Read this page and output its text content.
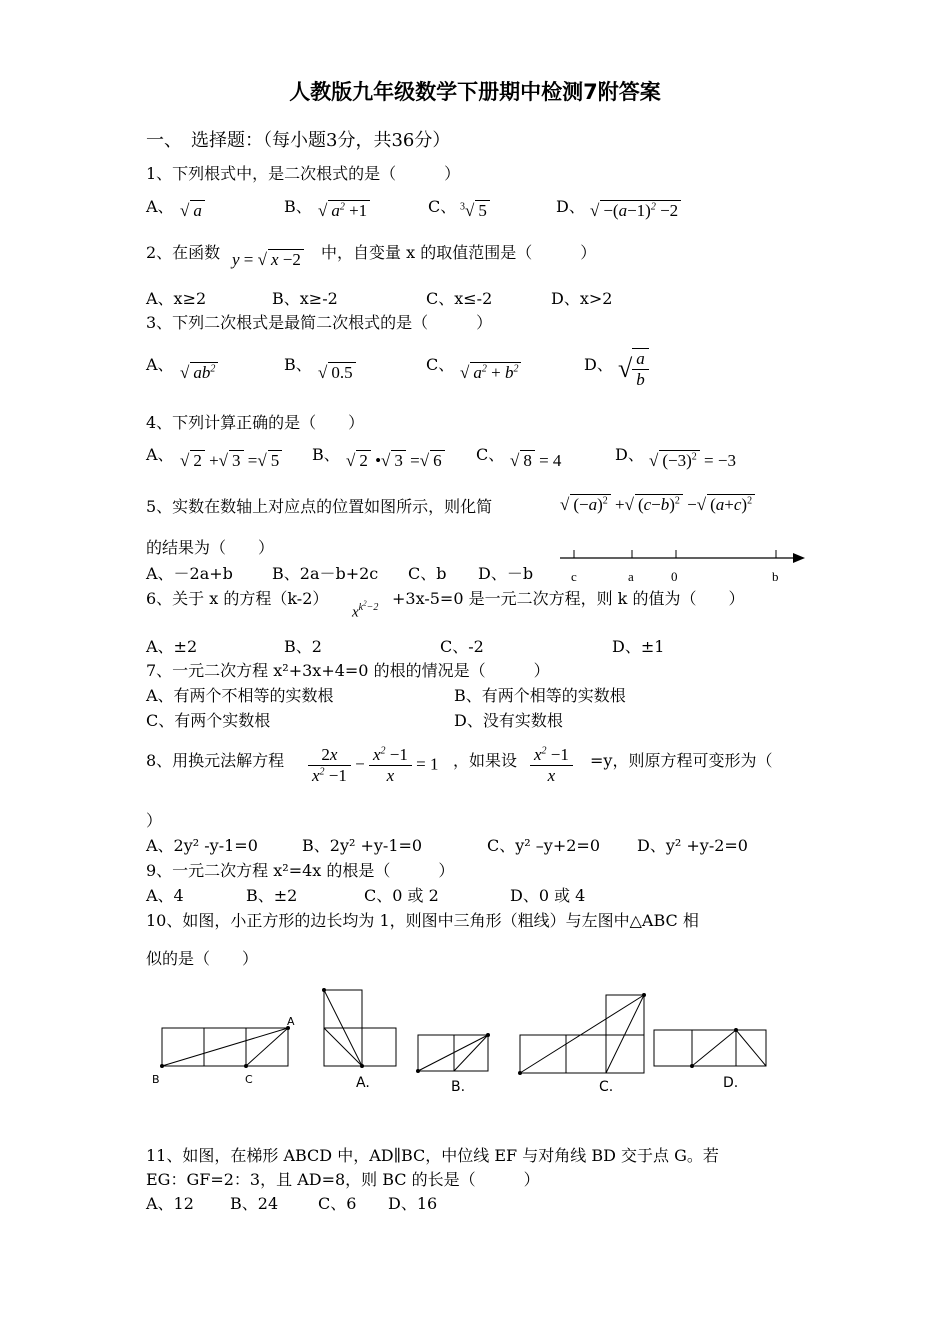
人教版九年级数学下册期中检测7附答案
一、　选择题：（每小题3分，共36分）
1、下列根式中，是二次根式的是（　　　）
A、 √ a	B、 √ $a^2 +1$	C、 $^3$√ 5	D、 √ $-(a-1)^2 -2$
2、在函数 y = √ x −2 中，自变量 x 的取值范围是（　　　）
A、x≥2	B、x≥-2	C、x≤-2	D、x>2
3、下列二次根式是最简二次根式的是（　　　）
A、 √ $ab^2$	B、 √ 0.5	C、 √ $a^2 + b^2$	D、 √ $\frac{a}{b}$
4、下列计算正确的是（　　）
A、 √ 2 +√ 3 =√ 5 B、 √ 2 •√ 3 =√ 6 C、 √ 8 = 4	D、 √ $(-3)^2 = -3$
5、实数在数轴上对应点的位置如图所示，则化简	√ $(-a)^2$ +√ $(c-b)^2$ −√ $(a+c)^2$
的结果为（　　）
A、－2a+b B、2a－b+2c C、b D、－b	c	a	0	b
6、关于 x 的方程（k-2）
$x^{k^2-2} +3x-5=0$ 是一元二次方程，则 k 的值为（　　）
A、±2	B、2	C、-2	D、±1
7、一元二次方程 x²+3x+4=0 的根的情况是（　　　）
A、有两个不相等的实数根	B、有两个相等的实数根
C、有两个实数根	D、没有实数根
8、用换元法解方程 $\frac{2x}{x^2 -1} - \frac{x^2 -1}{x} = 1$ ，如果设 $\frac{x^2 -1}{x} =y$，则原方程可变形为（
）
A、2y² -y-1=0	B、2y² +y-1=0	C、y² –y+2=0 D、y² +y-2=0
9、一元二次方程 x²=4x 的根是（　　　）
A、4	B、±2	C、0 或 2	D、0 或 4
10、如图，小正方形的边长均为 1，则图中三角形（粗线）与左图中△ABC 相
似的是（　　）
A
B	C	A.	B.	C.	D.
11、如图，在梯形 ABCD 中，AD∥BC，中位线 EF 与对角线 BD 交于点 G。若
EG：GF=2：3，且 AD=8，则 BC 的长是（　　　）
A、12 B、24 C、6 D、16
